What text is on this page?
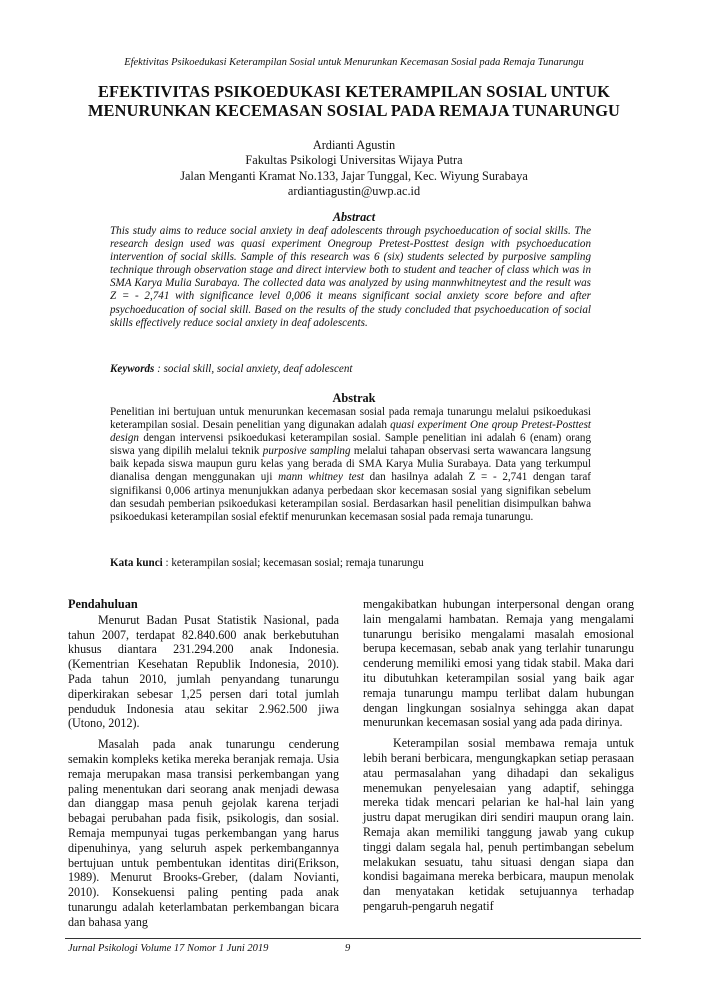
Efektivitas Psikoedukasi Keterampilan Sosial untuk Menurunkan Kecemasan Sosial pada Remaja Tunarungu
EFEKTIVITAS PSIKOEDUKASI KETERAMPILAN SOSIAL UNTUK
MENURUNKAN KECEMASAN SOSIAL PADA REMAJA TUNARUNGU
Ardianti Agustin
Fakultas Psikologi Universitas Wijaya Putra
Jalan Menganti Kramat No.133, Jajar Tunggal, Kec. Wiyung Surabaya
ardiantiagustin@uwp.ac.id
Abstract
This study aims to reduce social anxiety in deaf adolescents through psychoeducation of social skills. The research design used was quasi experiment Onegroup Pretest-Posttest design with psychoeducation intervention of social skills. Sample of this research was 6 (six) students selected by purposive sampling technique through observation stage and direct interview both to student and teacher of class which was in SMA Karya Mulia Surabaya. The collected data was analyzed by using mannwhitneytest and the result was Z = - 2,741 with significance level 0,006 it means significant social anxiety score before and after psychoeducation of social skill. Based on the results of the study concluded that psychoeducation of social skills effectively reduce social anxiety in deaf adolescents.
Keywords : social skill, social anxiety, deaf adolescent
Abstrak
Penelitian ini bertujuan untuk menurunkan kecemasan sosial pada remaja tunarungu melalui psikoedukasi keterampilan sosial. Desain penelitian yang digunakan adalah quasi experiment One qroup Pretest-Posttest design dengan intervensi psikoedukasi keterampilan sosial. Sample penelitian ini adalah 6 (enam) orang siswa yang dipilih melalui teknik purposive sampling melalui tahapan observasi serta wawancara langsung baik kepada siswa maupun guru kelas yang berada di SMA Karya Mulia Surabaya. Data yang terkumpul dianalisa dengan menggunakan uji mann whitney test dan hasilnya adalah Z = - 2,741 dengan taraf signifikansi 0,006 artinya menunjukkan adanya perbedaan skor kecemasan sosial yang signifikan sebelum dan sesudah pemberian psikoedukasi keterampilan sosial. Berdasarkan hasil penelitian disimpulkan bahwa psikoedukasi keterampilan sosial efektif menurunkan kecemasan sosial pada remaja tunarungu.
Kata kunci : keterampilan sosial; kecemasan sosial; remaja tunarungu
Pendahuluan

Menurut Badan Pusat Statistik Nasional, pada tahun 2007, terdapat 82.840.600 anak berkebutuhan khusus diantara 231.294.200 anak Indonesia. (Kementrian Kesehatan Republik Indonesia, 2010). Pada tahun 2010, jumlah penyandang tunarungu diperkirakan sebesar 1,25 persen dari total jumlah penduduk Indonesia atau sekitar 2.962.500 jiwa (Utono, 2012).

Masalah pada anak tunarungu cenderung semakin kompleks ketika mereka beranjak remaja. Usia remaja merupakan masa transisi perkembangan yang paling menentukan dari seorang anak menjadi dewasa dan dianggap masa penuh gejolak karena terjadi bebagai perubahan pada fisik, psikologis, dan sosial. Remaja mempunyai tugas perkembangan yang harus dipenuhinya, yang seluruh aspek perkembangannya bertujuan untuk pembentukan identitas diri(Erikson, 1989). Menurut Brooks-Greber, (dalam Novianti, 2010). Konsekuensi paling penting pada anak tunarungu adalah keterlambatan perkembangan bicara dan bahasa yang

mengakibatkan hubungan interpersonal dengan orang lain mengalami hambatan. Remaja yang mengalami tunarungu berisiko mengalami masalah emosional berupa kecemasan, sebab anak yang terlahir tunarungu cenderung memiliki emosi yang tidak stabil. Maka dari itu dibutuhkan keterampilan sosial yang baik agar remaja tunarungu mampu terlibat dalam hubungan dengan lingkungan sosialnya sehingga akan dapat menurunkan kecemasan sosial yang ada pada dirinya.

Keterampilan sosial membawa remaja untuk lebih berani berbicara, mengungkapkan setiap perasaan atau permasalahan yang dihadapi dan sekaligus menemukan penyelesaian yang adaptif, sehingga mereka tidak mencari pelarian ke hal-hal lain yang justru dapat merugikan diri sendiri maupun orang lain. Remaja akan memiliki tanggung jawab yang cukup tinggi dalam segala hal, penuh pertimbangan sebelum melakukan sesuatu, tahu situasi dengan siapa dan kondisi bagaimana mereka berbicara, maupun menolak dan menyatakan ketidak setujuannya terhadap pengaruh-pengaruh negatif

Jurnal Psikologi Volume 17 Nomor 1 Juni 2019	9
